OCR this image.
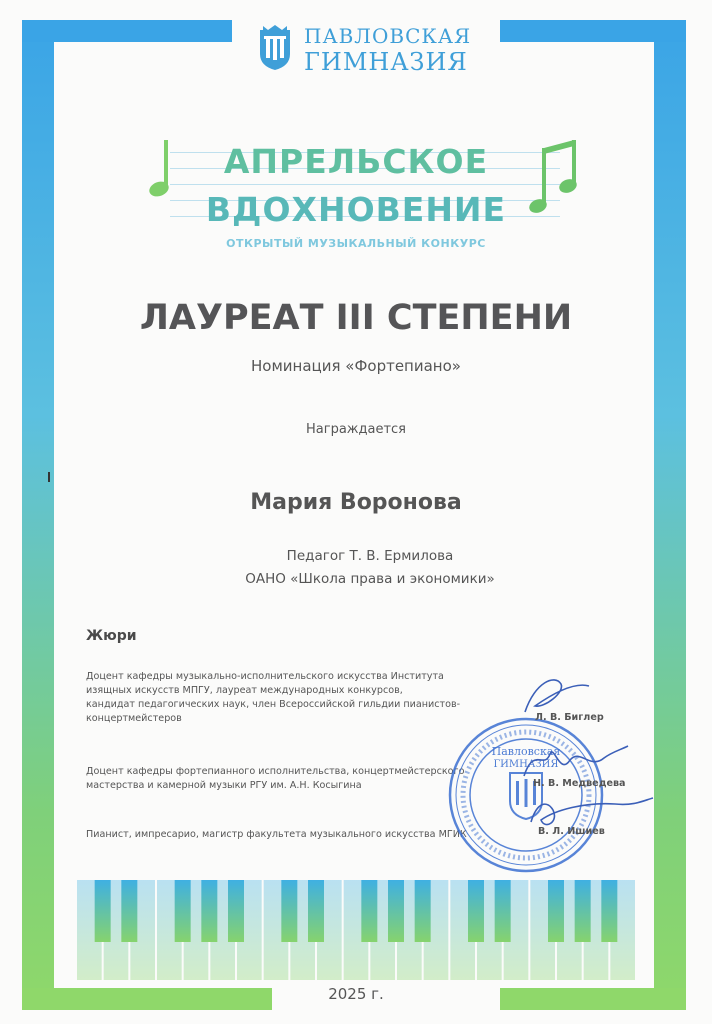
ПАВЛОВСКАЯ
ГИМНАЗИЯ
АПРЕЛЬСКОЕ
ВДОХНОВЕНИЕ
ОТКРЫТЫЙ МУЗЫКАЛЬНЫЙ КОНКУРС
ЛАУРЕАТ III СТЕПЕНИ
Номинация «Фортепиано»
Награждается
Мария Воронова
Педагог Т. В. Ермилова
ОАНО «Школа права и экономики»
Жюри
Доцент кафедры музыкально-исполнительского искусства Института
изящных искусств МПГУ, лауреат международных конкурсов,
кандидат педагогических наук, член Всероссийской гильдии пианистов-
концертмейстеров
Доцент кафедры фортепианного исполнительства, концертмейстерского
мастерства и камерной музыки РГУ им. А.Н. Косыгина
Пианист, импресарио, магистр факультета музыкального искусства МГИК
Павловская
ГИМНАЗИЯ
Л. В. Биглер
Н. В. Медведева
В. Л. Ишиев
2025 г.
